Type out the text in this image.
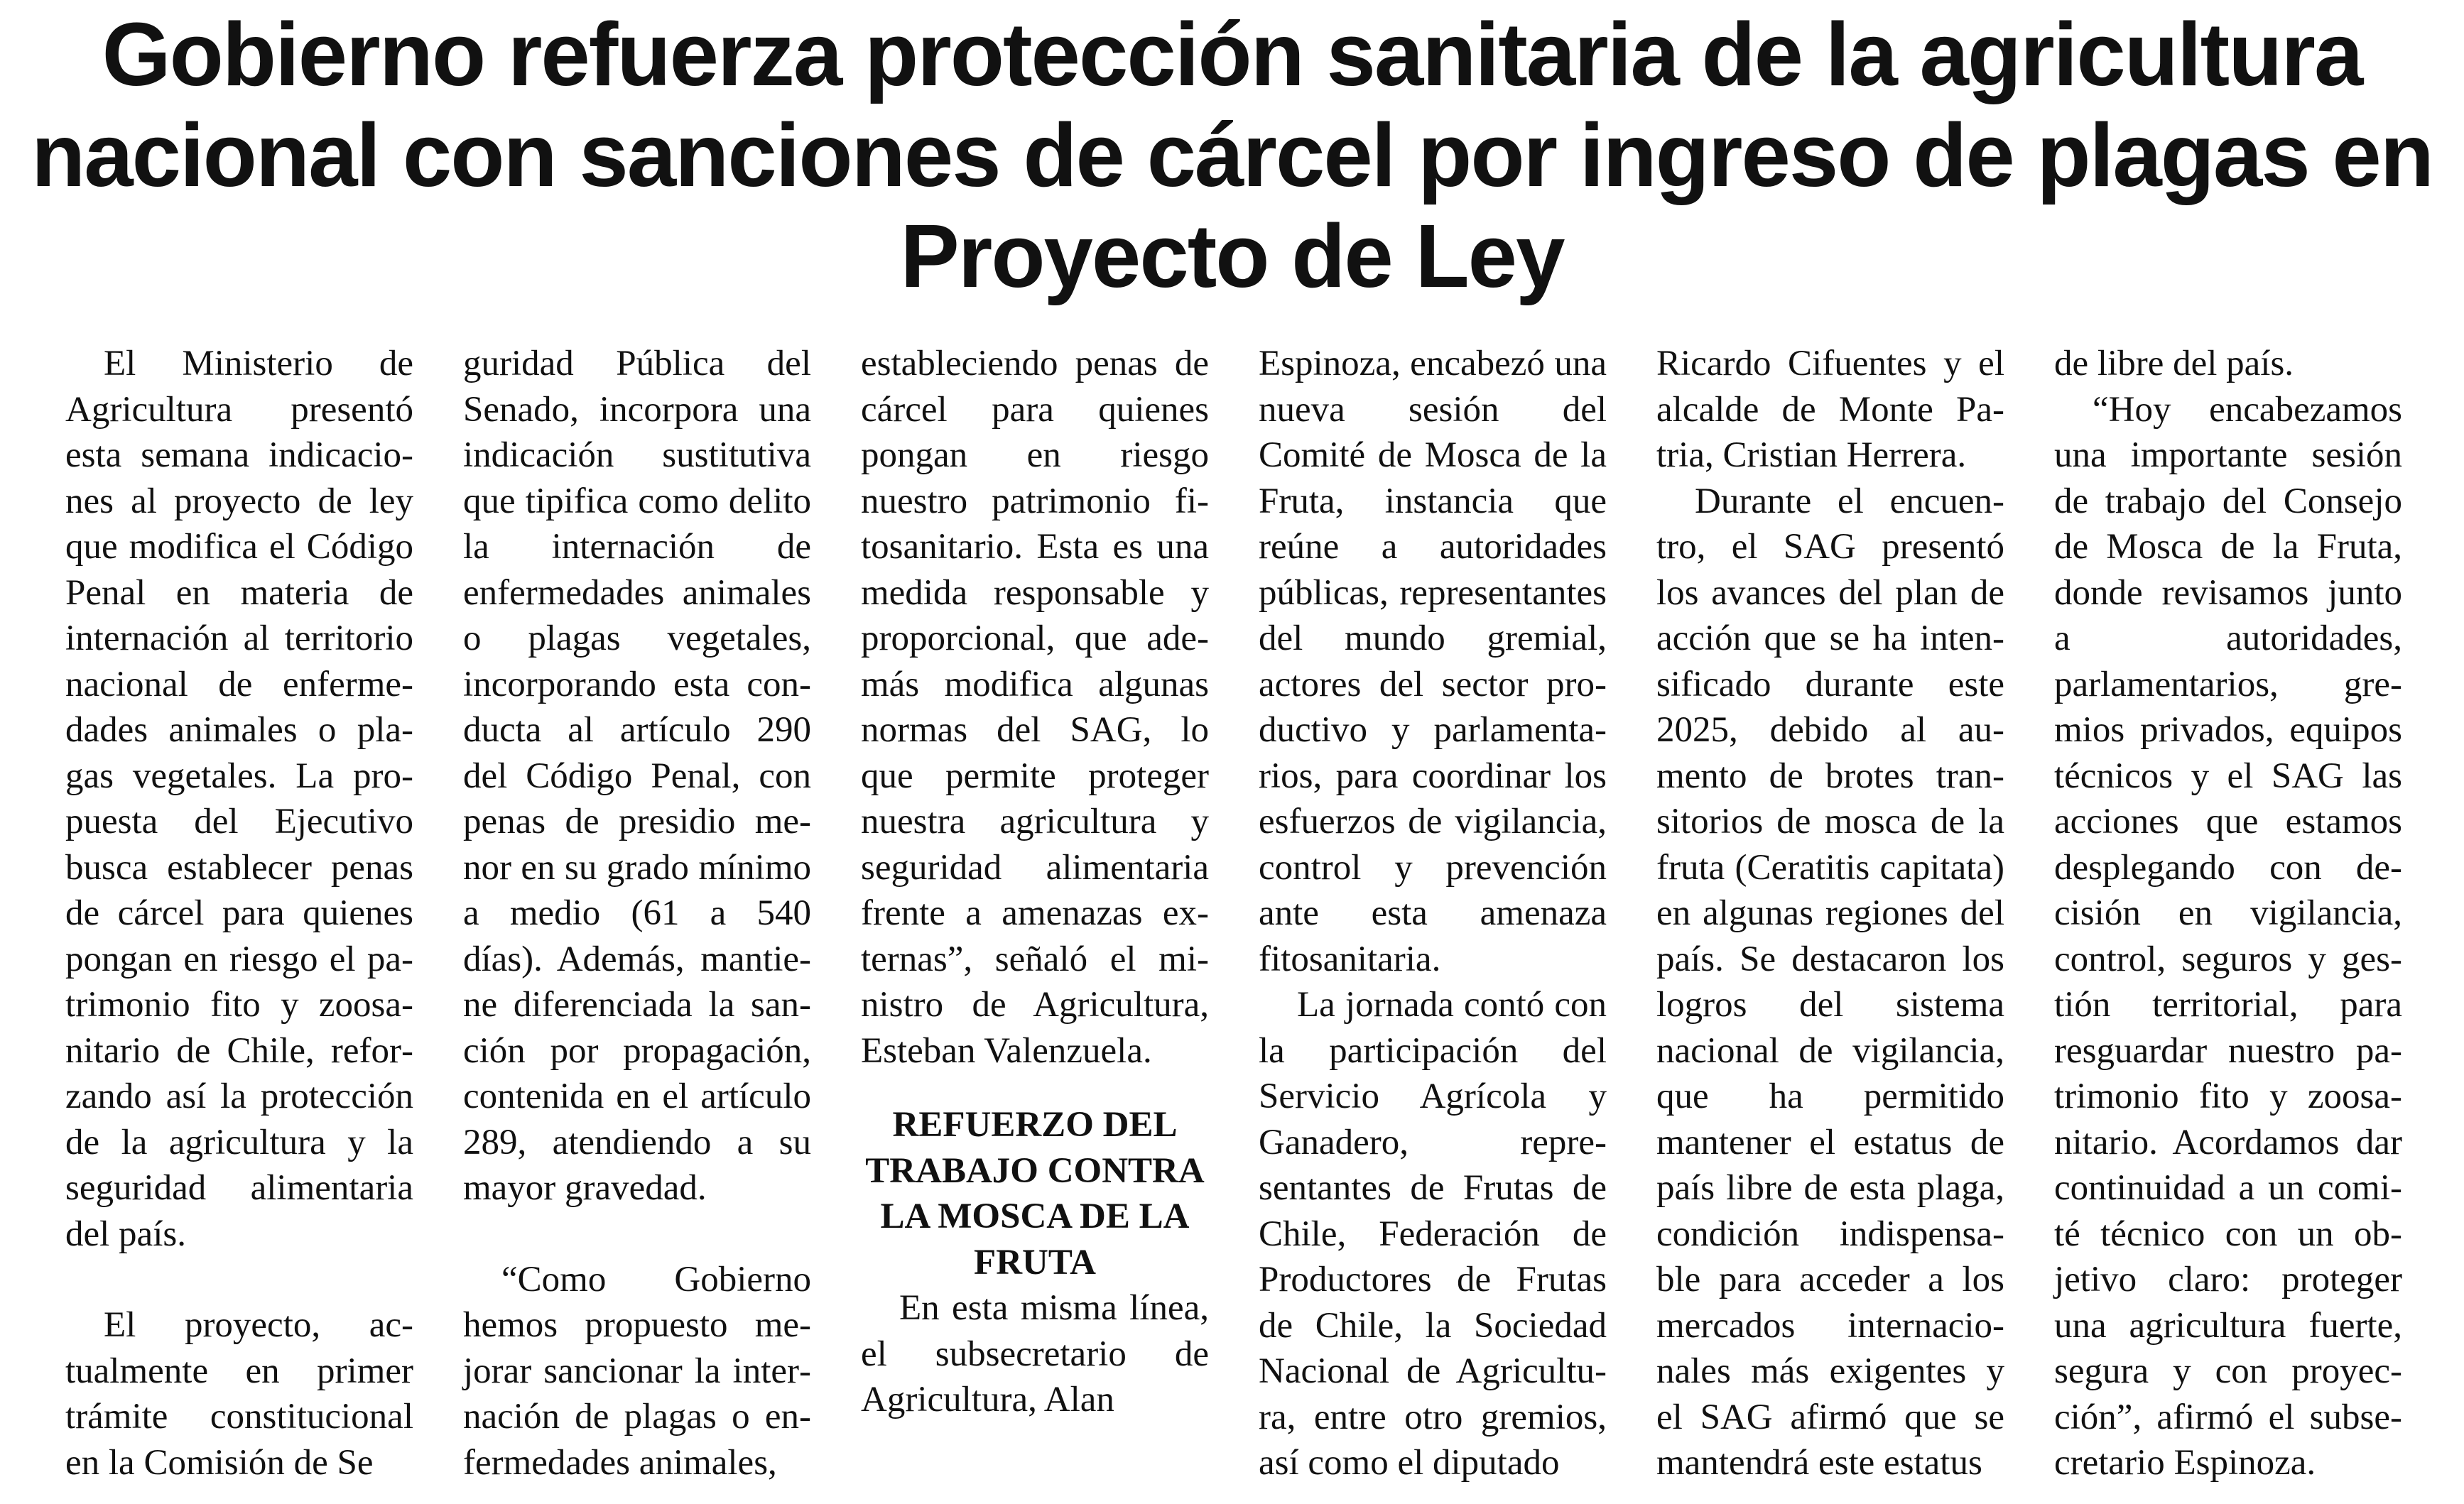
Gobierno refuerza protección sanitaria de la agricultura
nacional con sanciones de cárcel por ingreso de plagas en
Proyecto de Ley

El Ministerio de Agricultura presentó esta semana indicaciones al proyecto de ley que modifica el Código Penal en materia de internación al territorio nacional de enfermedades animales o plagas vegetales. La propuesta del Ejecutivo busca establecer penas de cárcel para quienes pongan en riesgo el patrimonio fito y zoosanitario de Chile, reforzando así la protección de la agricultura y la seguridad alimentaria del país.

El proyecto, actualmente en primer trámite constitucional en la Comisión de Se

guridad Pública del Senado, incorpora una indicación sustitutiva que tipifica como delito la internación de enfermedades animales o plagas vegetales, incorporando esta conducta al artículo 290 del Código Penal, con penas de presidio menor en su grado mínimo a medio (61 a 540 días). Además, mantiene diferenciada la sanción por propagación, contenida en el artículo 289, atendiendo a su mayor gravedad.

“Como Gobierno hemos propuesto mejorar sancionar la internación de plagas o enfermedades animales,

estableciendo penas de cárcel para quienes pongan en riesgo nuestro patrimonio fitosanitario. Esta es una medida responsable y proporcional, que además modifica algunas normas del SAG, lo que permite proteger nuestra agricultura y seguridad alimentaria frente a amenazas externas”, señaló el ministro de Agricultura, Esteban Valenzuela.

REFUERZO DEL TRABAJO CONTRA LA MOSCA DE LA FRUTA

En esta misma línea, el subsecretario de Agricultura, Alan

Espinoza, encabezó una nueva sesión del Comité de Mosca de la Fruta, instancia que reúne a autoridades públicas, representantes del mundo gremial, actores del sector productivo y parlamentarios, para coordinar los esfuerzos de vigilancia, control y prevención ante esta amenaza fitosanitaria.

La jornada contó con la participación del Servicio Agrícola y Ganadero, representantes de Frutas de Chile, Federación de Productores de Frutas de Chile, la Sociedad Nacional de Agricultura, entre otro gremios, así como el diputado

Ricardo Cifuentes y el alcalde de Monte Patria, Cristian Herrera.

Durante el encuentro, el SAG presentó los avances del plan de acción que se ha intensificado durante este 2025, debido al aumento de brotes transitorios de mosca de la fruta (Ceratitis capitata) en algunas regiones del país. Se destacaron los logros del sistema nacional de vigilancia, que ha permitido mantener el estatus de país libre de esta plaga, condición indispensable para acceder a los mercados internacionales más exigentes y el SAG afirmó que se mantendrá este estatus

de libre del país.

“Hoy encabezamos una importante sesión de trabajo del Consejo de Mosca de la Fruta, donde revisamos junto a autoridades, parlamentarios, gremios privados, equipos técnicos y el SAG las acciones que estamos desplegando con decisión en vigilancia, control, seguros y gestión territorial, para resguardar nuestro patrimonio fito y zoosanitario. Acordamos dar continuidad a un comité técnico con un objetivo claro: proteger una agricultura fuerte, segura y con proyección”, afirmó el subsecretario Espinoza.
